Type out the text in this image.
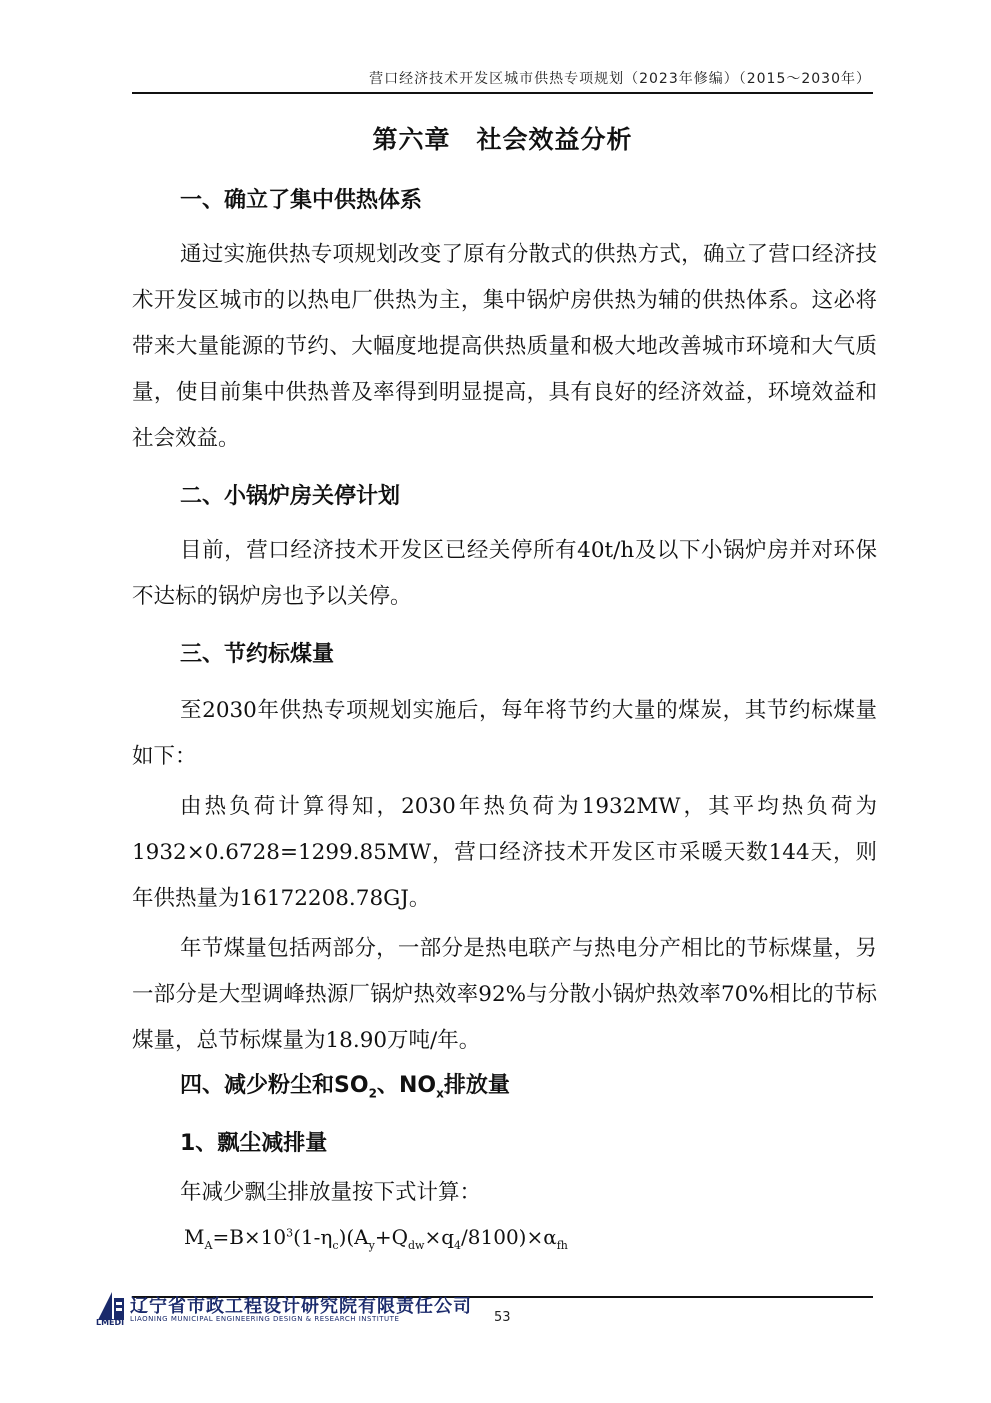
营口经济技术开发区城市供热专项规划（2023年修编）（2015～2030年）
第六章　社会效益分析
一、确立了集中供热体系
通过实施供热专项规划改变了原有分散式的供热方式，确立了营口经济技术开发区城市的以热电厂供热为主，集中锅炉房供热为辅的供热体系。这必将带来大量能源的节约、大幅度地提高供热质量和极大地改善城市环境和大气质量，使目前集中供热普及率得到明显提高，具有良好的经济效益，环境效益和社会效益。
二、小锅炉房关停计划
目前，营口经济技术开发区已经关停所有40t/h及以下小锅炉房并对环保不达标的锅炉房也予以关停。
三、节约标煤量
至2030年供热专项规划实施后，每年将节约大量的煤炭，其节约标煤量如下：
由热负荷计算得知，2030年热负荷为1932MW，其平均热负荷为1932×0.6728=1299.85MW，营口经济技术开发区市采暖天数144天，则年供热量为16172208.78GJ。
年节煤量包括两部分，一部分是热电联产与热电分产相比的节标煤量，另一部分是大型调峰热源厂锅炉热效率92%与分散小锅炉热效率70%相比的节标煤量，总节标煤量为18.90万吨/年。
四、减少粉尘和$SO_2$、$NO_x$排放量
1、飘尘减排量
年减少飘尘排放量按下式计算：
$M_A=B\times 10^3(1-\eta_c)(A_y+Q_{dw}\times q_4/8100)\times\alpha_{fh}$
辽宁省市政工程设计研究院有限责任公司
LIAONING MUNICIPAL ENGINEERING DESIGN & RESEARCH INSTITUTE
LMEDI	53
